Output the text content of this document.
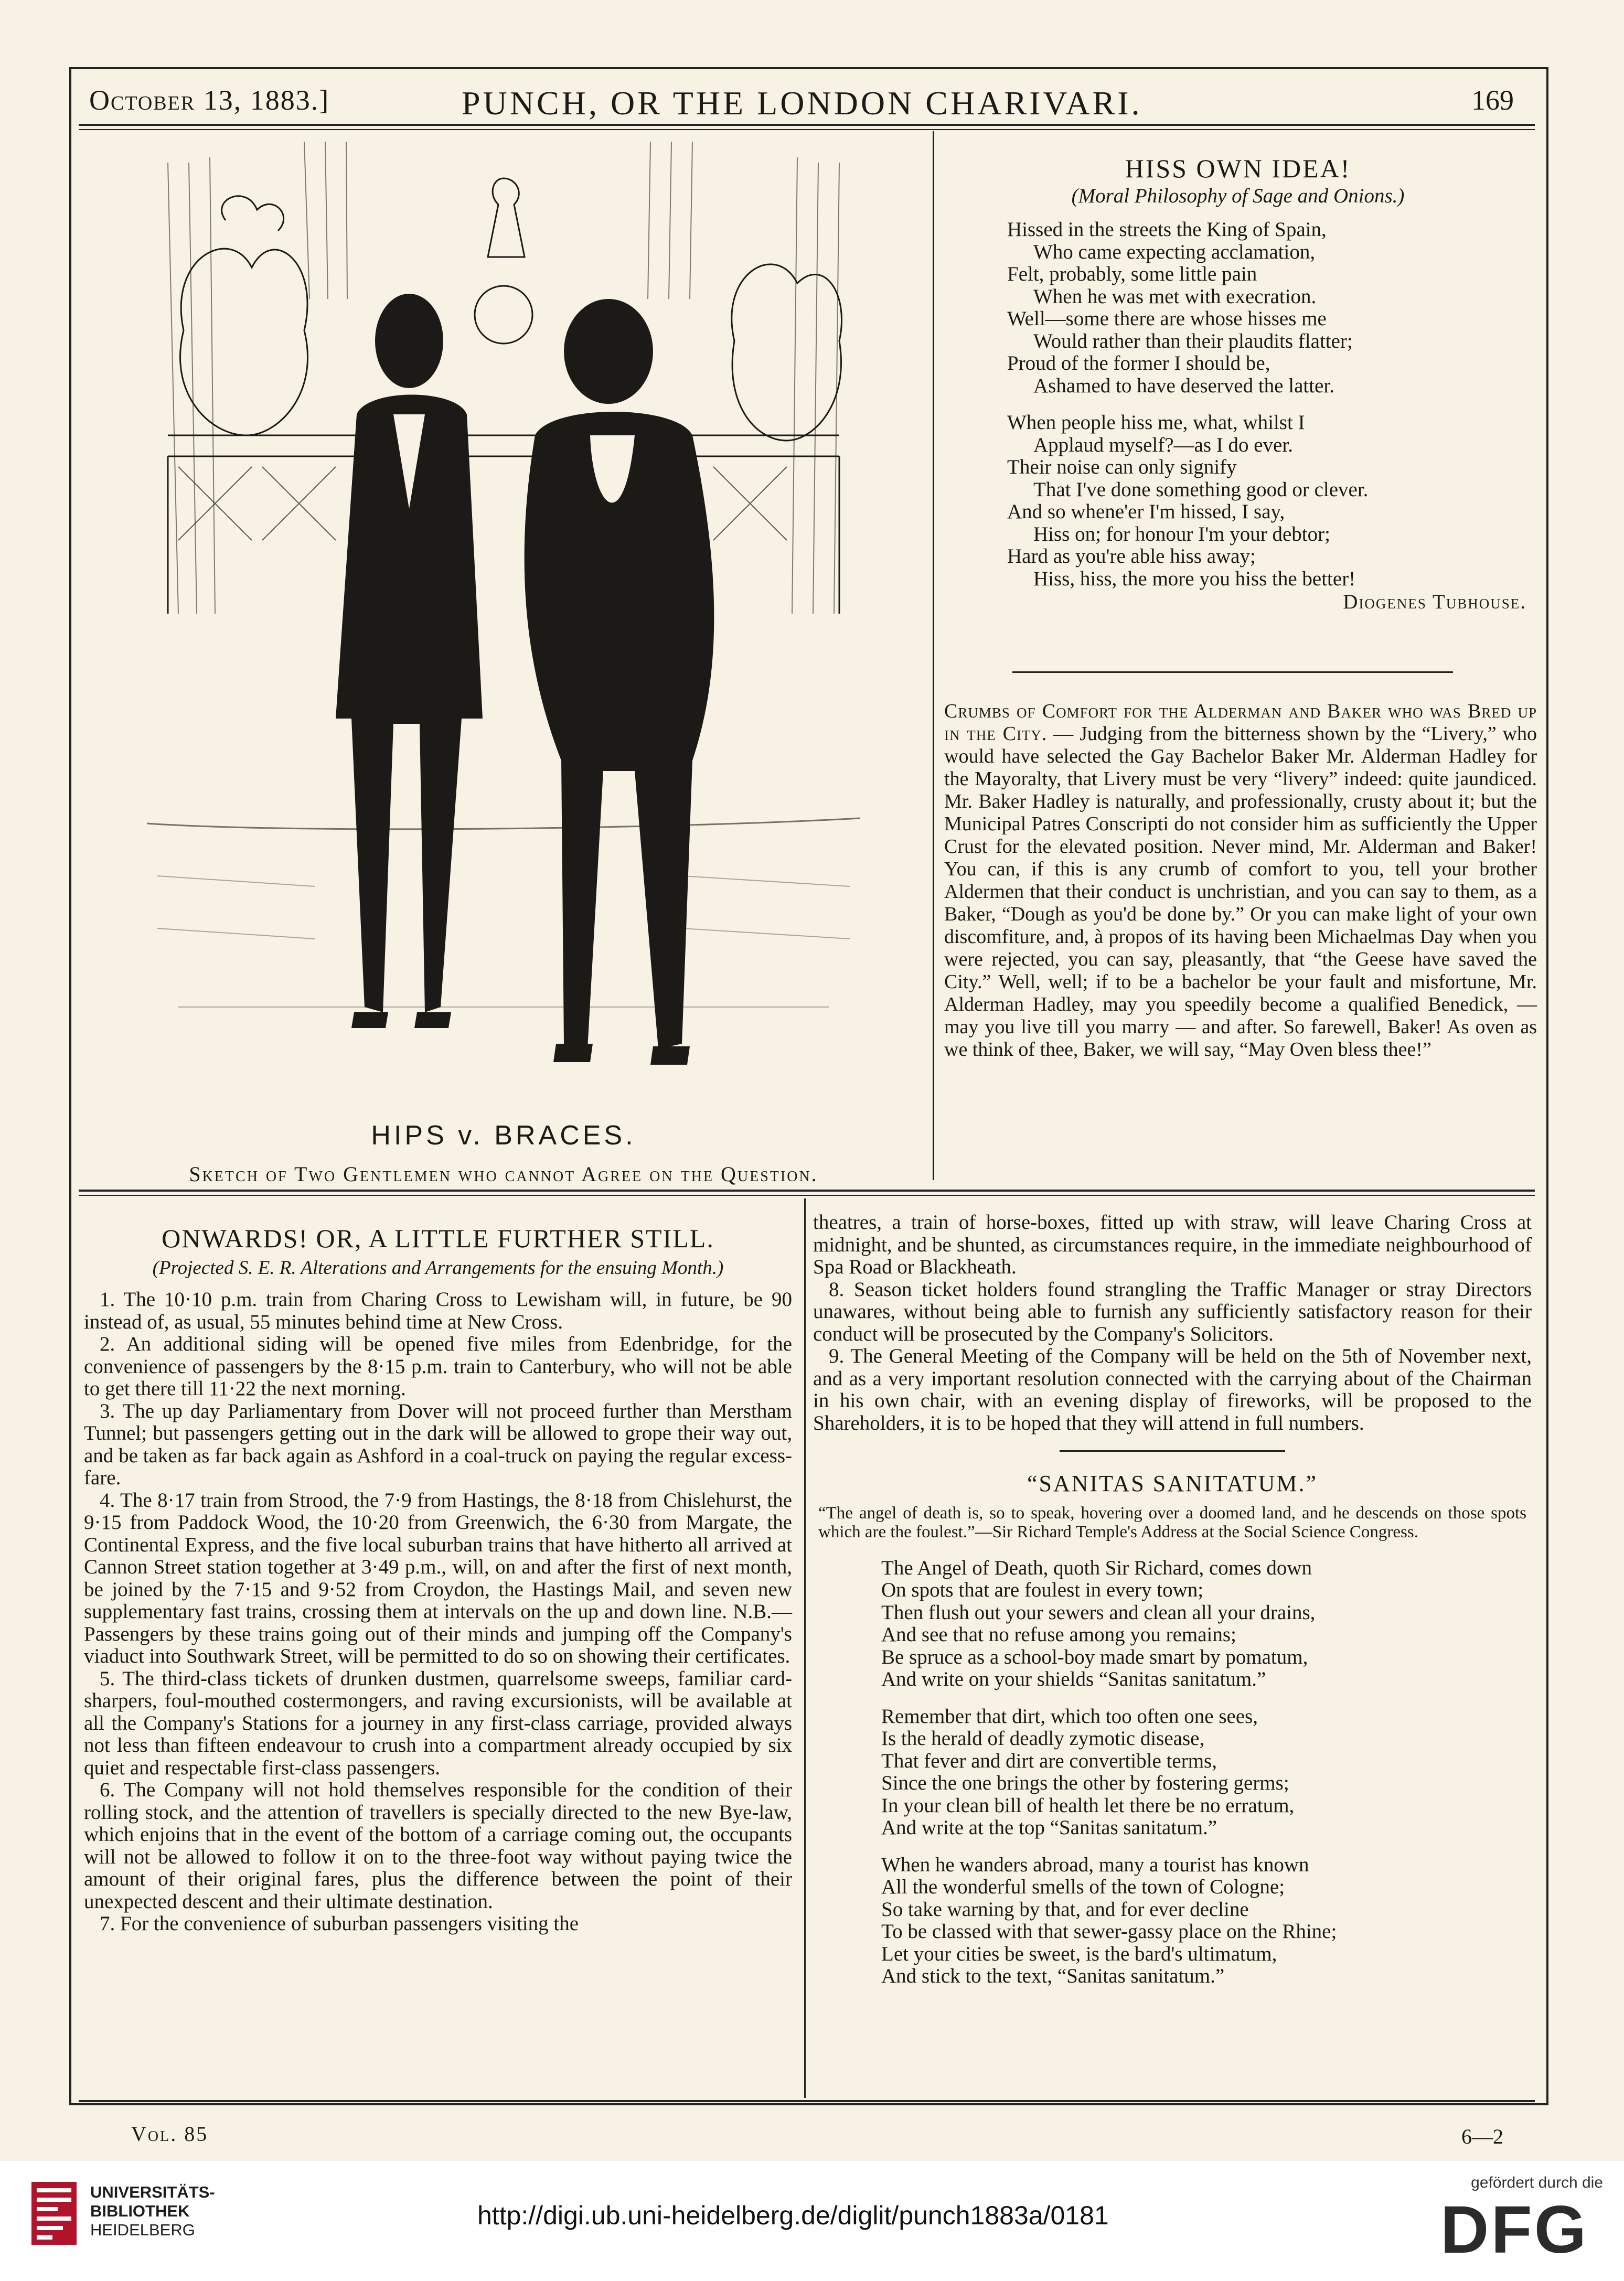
October 13, 1883.]	PUNCH, OR THE LONDON CHARIVARI.	169
HIPS v. BRACES.
Sketch of Two Gentlemen who cannot Agree on the Question.
HISS OWN IDEA!
(Moral Philosophy of Sage and Onions.)
Hissed in the streets the King of Spain,
Who came expecting acclamation,
Felt, probably, some little pain
When he was met with execration.
Well—some there are whose hisses me
Would rather than their plaudits flatter;
Proud of the former I should be,
Ashamed to have deserved the latter.
When people hiss me, what, whilst I
Applaud myself?—as I do ever.
Their noise can only signify
That I've done something good or clever.
And so whene'er I'm hissed, I say,
Hiss on; for honour I'm your debtor;
Hard as you're able hiss away;
Hiss, hiss, the more you hiss the better!
Diogenes Tubhouse.

Crumbs of Comfort for the Alderman and Baker who was Bred up in the City. — Judging from the bitterness shown by the “Livery,” who would have selected the Gay Bachelor Baker Mr. Alderman Hadley for the Mayoralty, that Livery must be very “livery” indeed: quite jaundiced. Mr. Baker Hadley is naturally, and professionally, crusty about it; but the Municipal Patres Conscripti do not consider him as sufficiently the Upper Crust for the elevated position. Never mind, Mr. Alderman and Baker! You can, if this is any crumb of comfort to you, tell your brother Aldermen that their conduct is unchristian, and you can say to them, as a Baker, “Dough as you'd be done by.” Or you can make light of your own discomfiture, and, à propos of its having been Michaelmas Day when you were rejected, you can say, pleasantly, that “the Geese have saved the City.” Well, well; if to be a bachelor be your fault and misfortune, Mr. Alderman Hadley, may you speedily become a qualified Benedick, — may you live till you marry — and after. So farewell, Baker! As oven as we think of thee, Baker, we will say, “May Oven bless thee!”

ONWARDS! OR, A LITTLE FURTHER STILL.
(Projected S. E. R. Alterations and Arrangements for the ensuing Month.)

1. The 10·10 p.m. train from Charing Cross to Lewisham will, in future, be 90 instead of, as usual, 55 minutes behind time at New Cross.

2. An additional siding will be opened five miles from Edenbridge, for the convenience of passengers by the 8·15 p.m. train to Canterbury, who will not be able to get there till 11·22 the next morning.

3. The up day Parliamentary from Dover will not proceed further than Merstham Tunnel; but passengers getting out in the dark will be allowed to grope their way out, and be taken as far back again as Ashford in a coal-truck on paying the regular excess-fare.

4. The 8·17 train from Strood, the 7·9 from Hastings, the 8·18 from Chislehurst, the 9·15 from Paddock Wood, the 10·20 from Greenwich, the 6·30 from Margate, the Continental Express, and the five local suburban trains that have hitherto all arrived at Cannon Street station together at 3·49 p.m., will, on and after the first of next month, be joined by the 7·15 and 9·52 from Croydon, the Hastings Mail, and seven new supplementary fast trains, crossing them at intervals on the up and down line. N.B.—Passengers by these trains going out of their minds and jumping off the Company's viaduct into Southwark Street, will be permitted to do so on showing their certificates.

5. The third-class tickets of drunken dustmen, quarrelsome sweeps, familiar card-sharpers, foul-mouthed costermongers, and raving excursionists, will be available at all the Company's Stations for a journey in any first-class carriage, provided always not less than fifteen endeavour to crush into a compartment already occupied by six quiet and respectable first-class passengers.

6. The Company will not hold themselves responsible for the condition of their rolling stock, and the attention of travellers is specially directed to the new Bye-law, which enjoins that in the event of the bottom of a carriage coming out, the occupants will not be allowed to follow it on to the three-foot way without paying twice the amount of their original fares, plus the difference between the point of their unexpected descent and their ultimate destination.

7. For the convenience of suburban passengers visiting the

theatres, a train of horse-boxes, fitted up with straw, will leave Charing Cross at midnight, and be shunted, as circumstances require, in the immediate neighbourhood of Spa Road or Blackheath.

8. Season ticket holders found strangling the Traffic Manager or stray Directors unawares, without being able to furnish any sufficiently satisfactory reason for their conduct will be prosecuted by the Company's Solicitors.

9. The General Meeting of the Company will be held on the 5th of November next, and as a very important resolution connected with the carrying about of the Chairman in his own chair, with an evening display of fireworks, will be proposed to the Shareholders, it is to be hoped that they will attend in full numbers.

“SANITAS SANITATUM.”
“The angel of death is, so to speak, hovering over a doomed land, and he descends on those spots which are the foulest.”—Sir Richard Temple's Address at the Social Science Congress.
The Angel of Death, quoth Sir Richard, comes down
On spots that are foulest in every town;
Then flush out your sewers and clean all your drains,
And see that no refuse among you remains;
Be spruce as a school-boy made smart by pomatum,
And write on your shields “Sanitas sanitatum.”
Remember that dirt, which too often one sees,
Is the herald of deadly zymotic disease,
That fever and dirt are convertible terms,
Since the one brings the other by fostering germs;
In your clean bill of health let there be no erratum,
And write at the top “Sanitas sanitatum.”
When he wanders abroad, many a tourist has known
All the wonderful smells of the town of Cologne;
So take warning by that, and for ever decline
To be classed with that sewer-gassy place on the Rhine;
Let your cities be sweet, is the bard's ultimatum,
And stick to the text, “Sanitas sanitatum.”
Vol. 85	6—2
UNIVERSITÄTS-
BIBLIOTHEK
HEIDELBERG	http://digi.ub.uni-heidelberg.de/diglit/punch1883a/0181
gefördert durch die
DFG
